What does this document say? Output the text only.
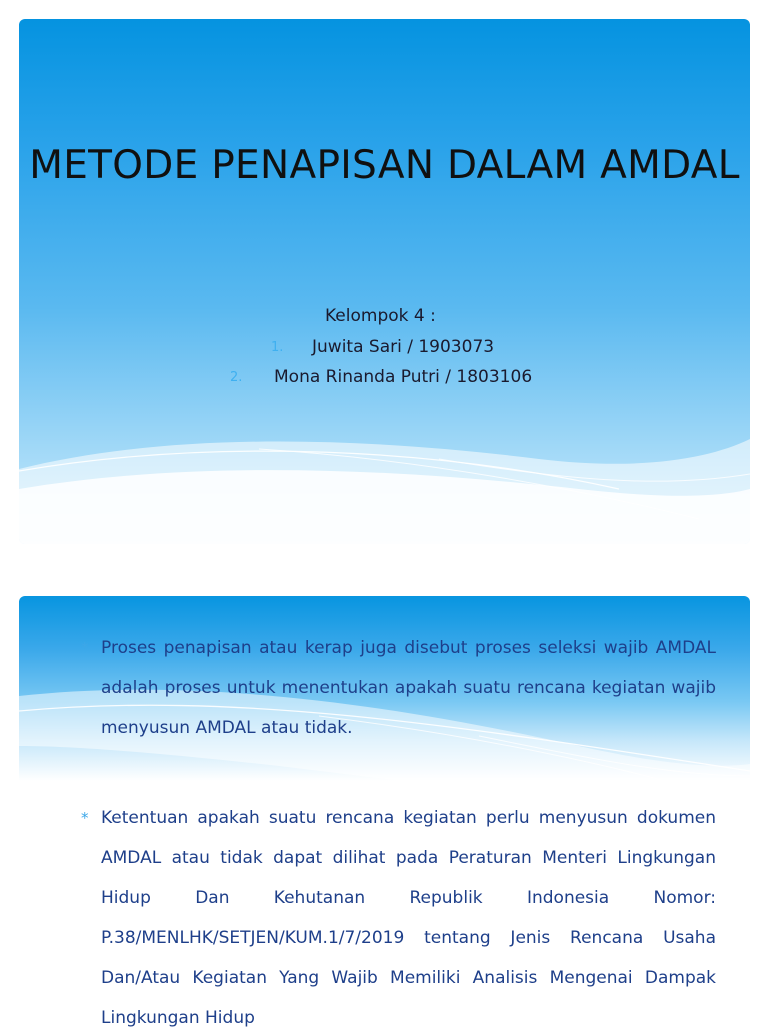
METODE PENAPISAN DALAM AMDAL
Kelompok 4 :
1. Juwita Sari / 1903073
2. Mona Rinanda Putri / 1803106
* Proses penapisan atau kerap juga disebut proses seleksi wajib AMDAL adalah proses untuk menentukan apakah suatu rencana kegiatan wajib menyusun AMDAL atau tidak.
* Ketentuan apakah suatu rencana kegiatan perlu menyusun dokumen AMDAL atau tidak dapat dilihat pada Peraturan Menteri Lingkungan Hidup Dan Kehutanan Republik Indonesia Nomor: P.38/MENLHK/SETJEN/KUM.1/7/2019 tentang Jenis Rencana Usaha Dan/Atau Kegiatan Yang Wajib Memiliki Analisis Mengenai Dampak Lingkungan Hidup
